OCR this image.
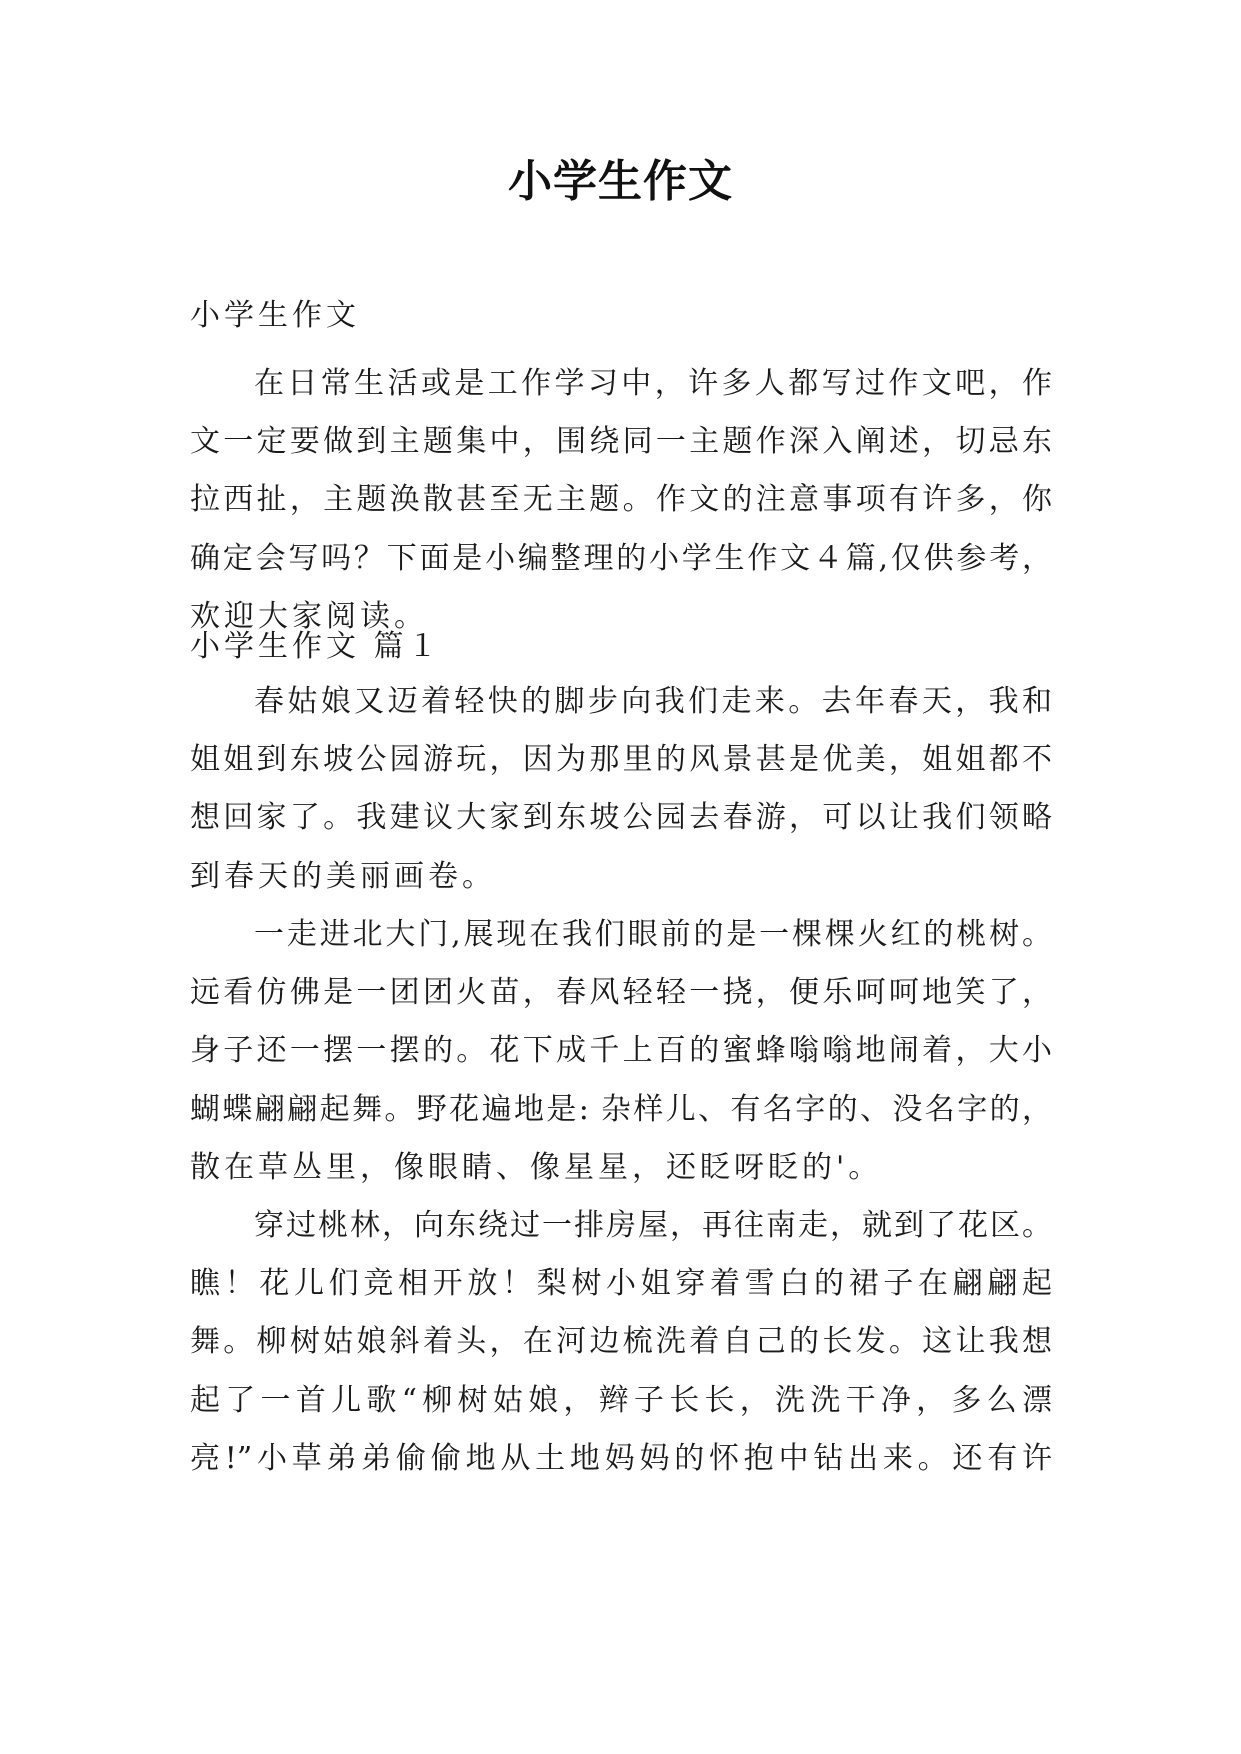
小学生作文

小学生作文

在日常生活或是工作学习中，许多人都写过作文吧，作
文一定要做到主题集中，围绕同一主题作深入阐述，切忌东
拉西扯，主题涣散甚至无主题。作文的注意事项有许多，你
确定会写吗？下面是小编整理的小学生作文４篇,仅供参考，
欢迎大家阅读。
小学生作文 篇１
春姑娘又迈着轻快的脚步向我们走来。去年春天，我和
姐姐到东坡公园游玩，因为那里的风景甚是优美，姐姐都不
想回家了。我建议大家到东坡公园去春游，可以让我们领略
到春天的美丽画卷。
一走进北大门,展现在我们眼前的是一棵棵火红的桃树。
远看仿佛是一团团火苗，春风轻轻一挠，便乐呵呵地笑了，
身子还一摆一摆的。花下成千上百的蜜蜂嗡嗡地闹着，大小
蝴蝶翩翩起舞。野花遍地是: 杂样儿、有名字的、没名字的，
散在草丛里，像眼睛、像星星，还眨呀眨的'。
穿过桃林，向东绕过一排房屋，再往南走，就到了花区。
瞧！花儿们竞相开放！梨树小姐穿着雪白的裙子在翩翩起
舞。柳树姑娘斜着头，在河边梳洗着自己的长发。这让我想
起了一首儿歌“柳树姑娘，辫子长长，洗洗干净，多么漂
亮!”小草弟弟偷偷地从土地妈妈的怀抱中钻出来。还有许
